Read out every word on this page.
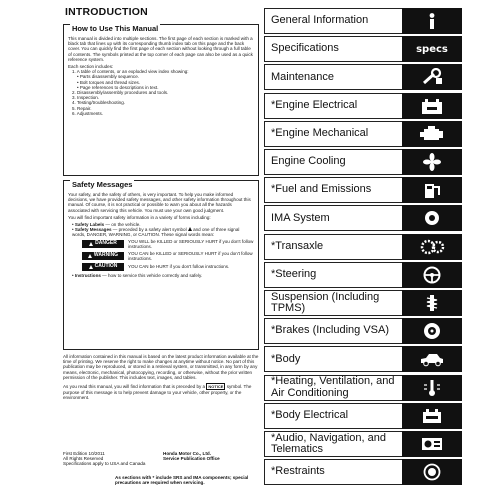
INTRODUCTION
How to Use This Manual

This manual is divided into multiple sections. The first page of each section is marked with a black tab that lines up with its corresponding thumb index tab on this page and the back cover. You can quickly find the first page of each section without looking through a full table of contents. The symbols printed at the top corner of each page can also be used as a quick reference system.

Each section includes:
1. A table of contents, or an exploded view index showing:
• Parts disassembly sequence.
• Bolt torques and thread sizes.
• Page references to descriptions in text.
2. Disassembly/assembly procedures and tools.
3. Inspection.
4. Testing/troubleshooting.
5. Repair.
6. Adjustments.
Safety Messages

Your safety, and the safety of others, is very important. To help you make informed decisions, we have provided safety messages, and other safety information throughout this manual. Of course, it is not practical or possible to warn you about all the hazards associated with servicing this vehicle. You must use your own good judgment.

You will find important safety information in a variety of forms including:

• Safety Labels — on the vehicle.
• Safety Messages — preceded by a safety alert symbol  and one of three signal words, DANGER, WARNING, or CAUTION. These signal words mean:
DANGER YOU WILL be KILLED or SERIOUSLY HURT if you don't follow instructions.
WARNING YOU CAN be KILLED or SERIOUSLY HURT if you don't follow instructions.
CAUTION YOU CAN be HURT if you don't follow instructions.
• Instructions — how to service this vehicle correctly and safely.

All information contained in this manual is based on the latest product information available at the time of printing. We reserve the right to make changes at anytime without notice. No part of this publication may be reproduced, or stored in a retrieval system, or transmitted, in any form by any means, electronic, mechanical, photocopying, recording, or otherwise, without the prior written permission of the publisher. This includes text, images, and tables.

As you read this manual, you will find information that is preceded by a NOTICE symbol. The purpose of this message is to help prevent damage to your vehicle, other property, or the environment.

First Edition 10/2011
All Rights Reserved
Specifications apply to USA and Canada
Honda Motor Co., Ltd.
Service Publication Office
As sections with * include SRS and IMA components; special precautions are required when servicing.
General Information
Specifications	specs
Maintenance
*Engine Electrical
*Engine Mechanical
Engine Cooling
*Fuel and Emissions
IMA System
*Transaxle
*Steering
Suspension (Including TPMS)
*Brakes (Including VSA)
*Body
*Heating, Ventilation, and Air Conditioning
*Body Electrical
*Audio, Navigation, and Telematics
*Restraints
